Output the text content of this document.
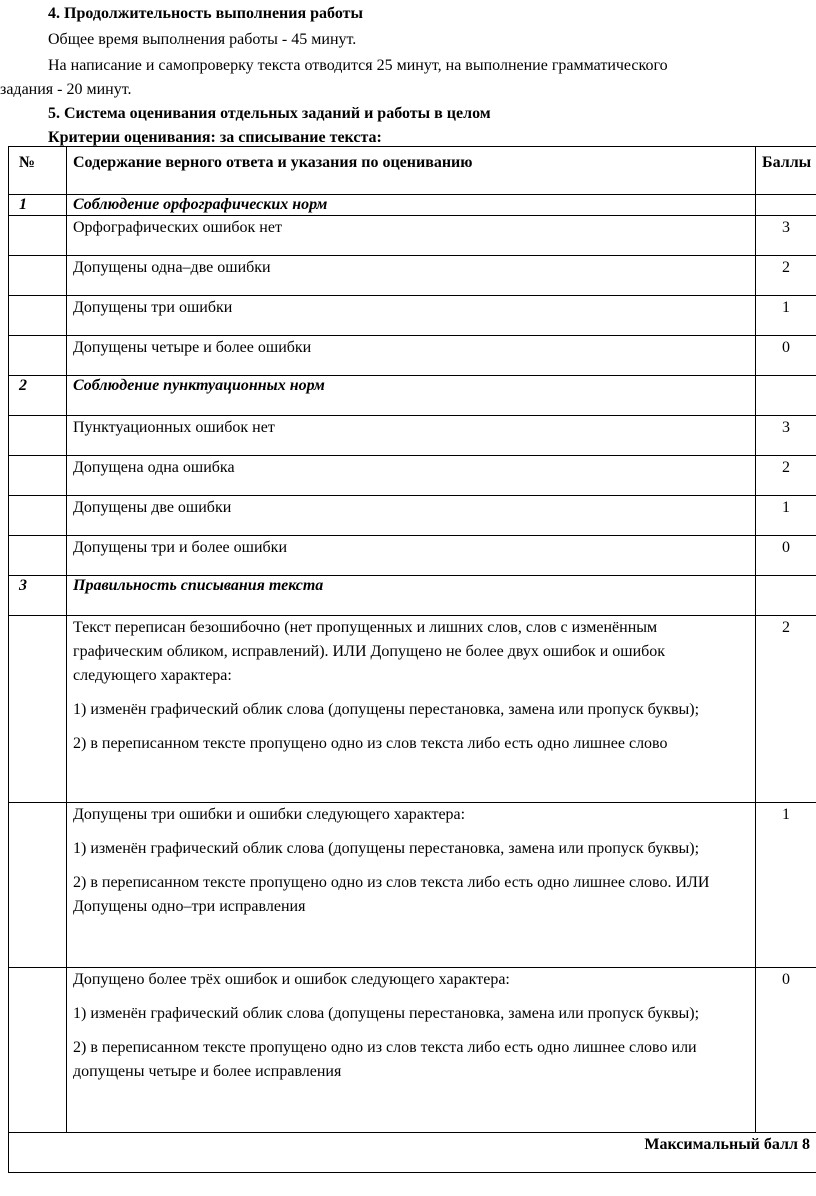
4. Продолжительность выполнения работы
Общее время выполнения работы - 45 минут.
На написание и самопроверку текста отводится 25 минут, на выполнение грамматического
задания - 20 минут.
5. Система оценивания отдельных заданий и работы в целом
Критерии оценивания: за списывание текста:
№	Содержание верного ответа и указания по оцениванию	Баллы
1	Соблюдение орфографических норм	
	Орфографических ошибок нет	3
	Допущены одна–две ошибки	2
	Допущены три ошибки	1
	Допущены четыре и более ошибки	0
2	Соблюдение пунктуационных норм	
	Пунктуационных ошибок нет	3
	Допущена одна ошибка	2
	Допущены две ошибки	1
	Допущены три и более ошибки	0
3	Правильность списывания текста	

	Текст переписан безошибочно (нет пропущенных и лишних слов, слов с изменённым графическим обликом, исправлений). ИЛИ Допущено не более двух ошибок и ошибок следующего характера:
1) изменён графический облик слова (допущены перестановка, замена или пропуск буквы);
2) в переписанном тексте пропущено одно из слов текста либо есть одно лишнее слово	2

	Допущены три ошибки и ошибки следующего характера:
1) изменён графический облик слова (допущены перестановка, замена или пропуск буквы);
2) в переписанном тексте пропущено одно из слов текста либо есть одно лишнее слово. ИЛИ Допущены одно–три исправления	1

	Допущено более трёх ошибок и ошибок следующего характера:
1) изменён графический облик слова (допущены перестановка, замена или пропуск буквы);
2) в переписанном тексте пропущено одно из слов текста либо есть одно лишнее слово или допущены четыре и более исправления	0
Максимальный балл 8		
